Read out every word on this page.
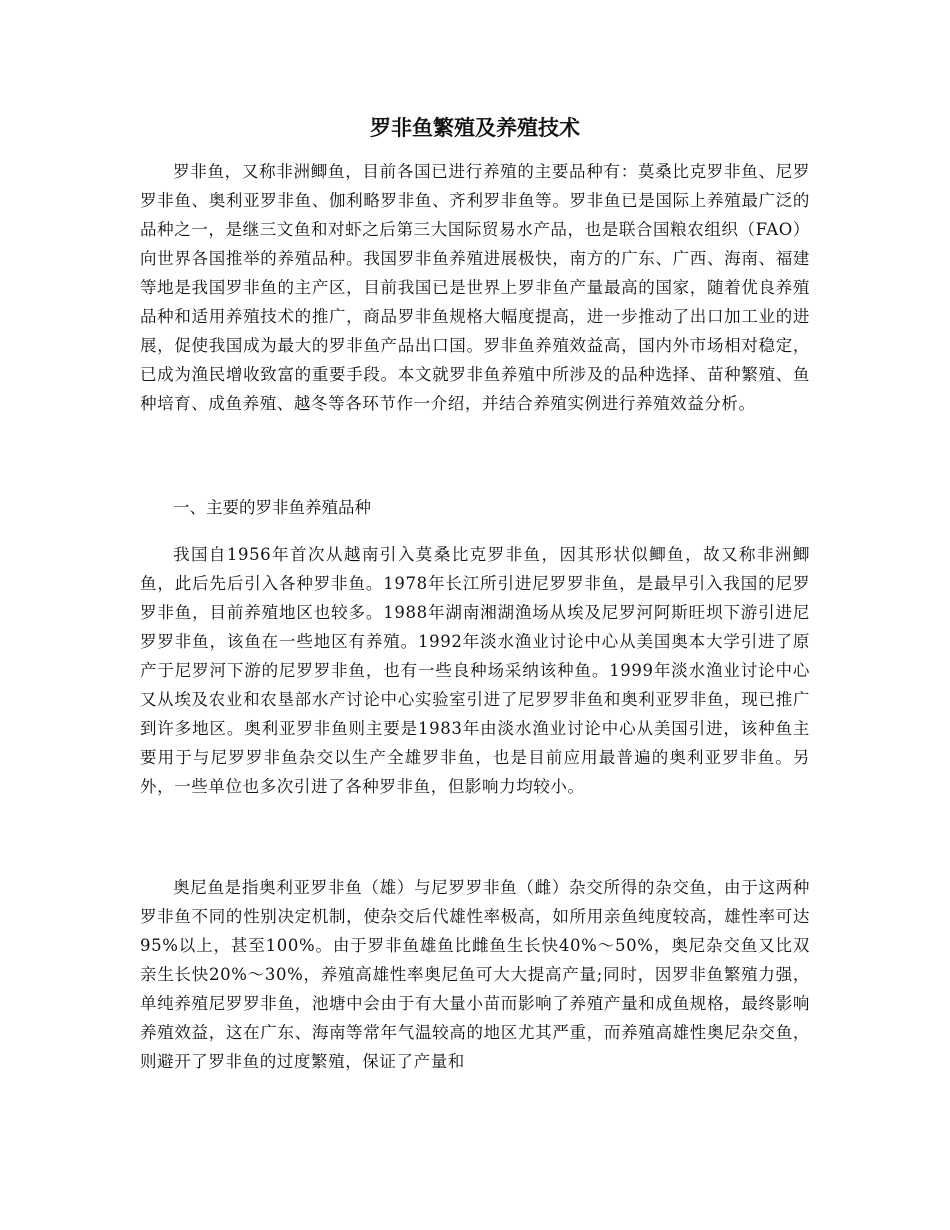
罗非鱼繁殖及养殖技术

罗非鱼，又称非洲鲫鱼，目前各国已进行养殖的主要品种有：莫桑比克罗非鱼、尼罗罗非鱼、奥利亚罗非鱼、伽利略罗非鱼、齐利罗非鱼等。罗非鱼已是国际上养殖最广泛的品种之一，是继三文鱼和对虾之后第三大国际贸易水产品，也是联合国粮农组织（FAO）向世界各国推举的养殖品种。我国罗非鱼养殖进展极快，南方的广东、广西、海南、福建等地是我国罗非鱼的主产区，目前我国已是世界上罗非鱼产量最高的国家，随着优良养殖品种和适用养殖技术的推广，商品罗非鱼规格大幅度提高，进一步推动了出口加工业的进展，促使我国成为最大的罗非鱼产品出口国。罗非鱼养殖效益高，国内外市场相对稳定，已成为渔民增收致富的重要手段。本文就罗非鱼养殖中所涉及的品种选择、苗种繁殖、鱼种培育、成鱼养殖、越冬等各环节作一介绍，并结合养殖实例进行养殖效益分析。

一、主要的罗非鱼养殖品种

我国自1956年首次从越南引入莫桑比克罗非鱼，因其形状似鲫鱼，故又称非洲鲫鱼，此后先后引入各种罗非鱼。1978年长江所引进尼罗罗非鱼，是最早引入我国的尼罗罗非鱼，目前养殖地区也较多。1988年湖南湘湖渔场从埃及尼罗河阿斯旺坝下游引进尼罗罗非鱼，该鱼在一些地区有养殖。1992年淡水渔业讨论中心从美国奥本大学引进了原产于尼罗河下游的尼罗罗非鱼，也有一些良种场采纳该种鱼。1999年淡水渔业讨论中心又从埃及农业和农垦部水产讨论中心实验室引进了尼罗罗非鱼和奥利亚罗非鱼，现已推广到许多地区。奥利亚罗非鱼则主要是1983年由淡水渔业讨论中心从美国引进，该种鱼主要用于与尼罗罗非鱼杂交以生产全雄罗非鱼，也是目前应用最普遍的奥利亚罗非鱼。另外，一些单位也多次引进了各种罗非鱼，但影响力均较小。

奥尼鱼是指奥利亚罗非鱼（雄）与尼罗罗非鱼（雌）杂交所得的杂交鱼，由于这两种罗非鱼不同的性别决定机制，使杂交后代雄性率极高，如所用亲鱼纯度较高，雄性率可达95%以上，甚至100%。由于罗非鱼雄鱼比雌鱼生长快40%～50%，奥尼杂交鱼又比双亲生长快20%～30%，养殖高雄性率奥尼鱼可大大提高产量;同时，因罗非鱼繁殖力强，单纯养殖尼罗罗非鱼，池塘中会由于有大量小苗而影响了养殖产量和成鱼规格，最终影响养殖效益，这在广东、海南等常年气温较高的地区尤其严重，而养殖高雄性奥尼杂交鱼，则避开了罗非鱼的过度繁殖，保证了产量和
